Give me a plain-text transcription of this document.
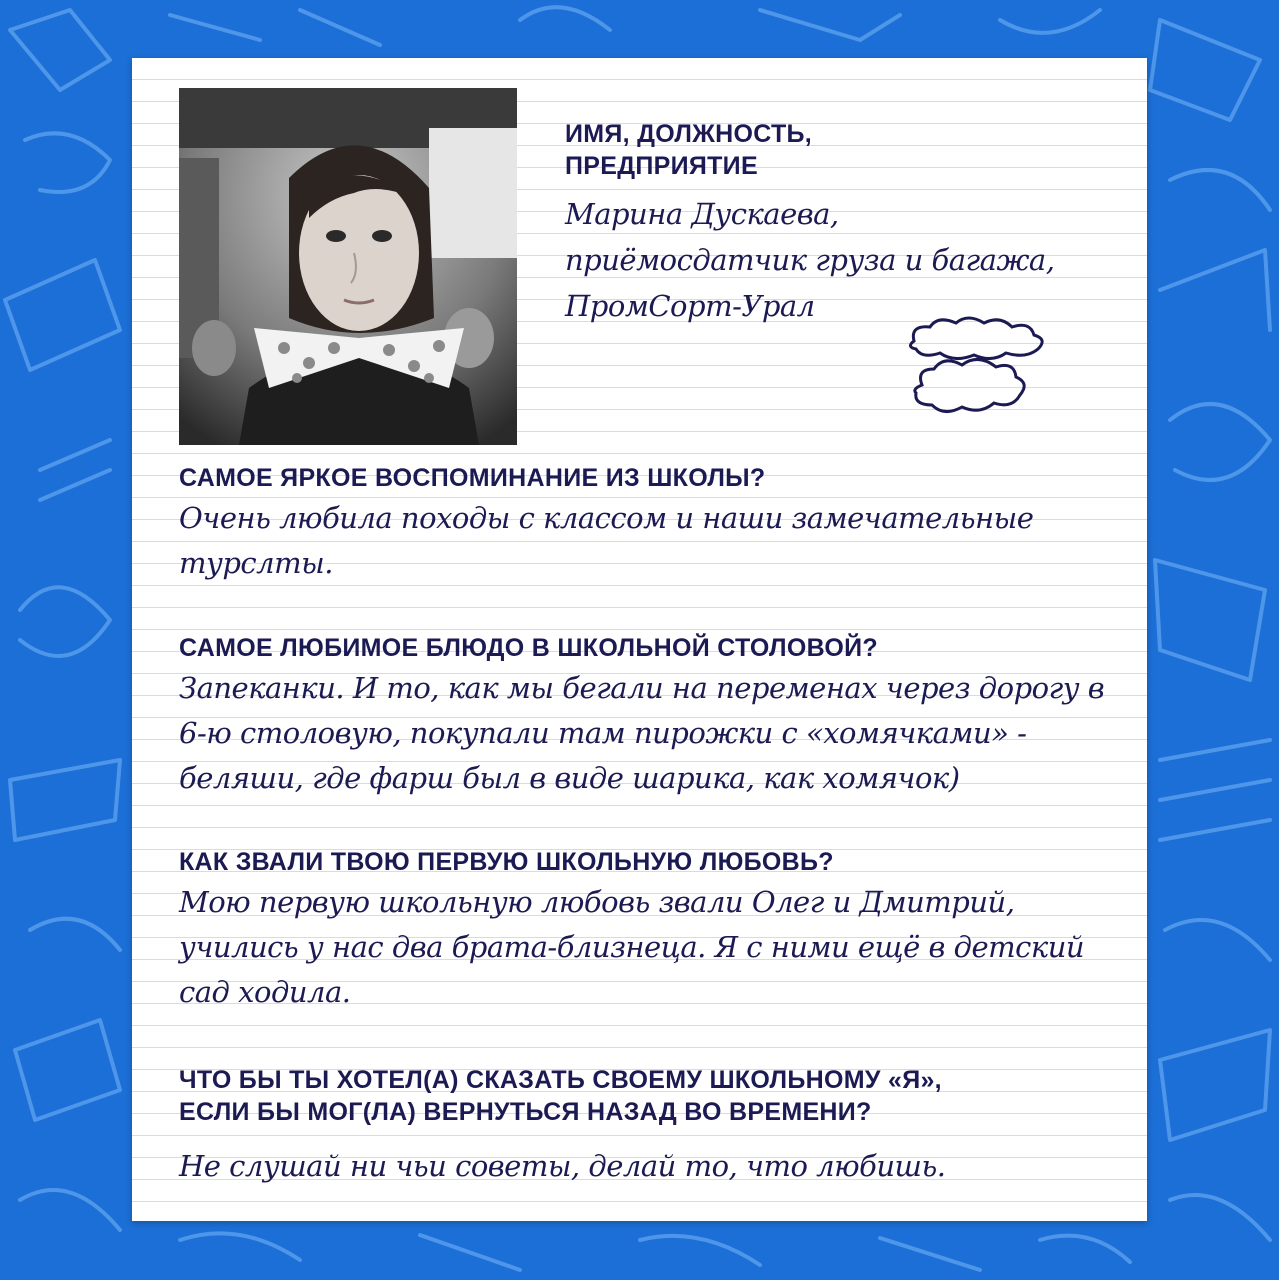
ИМЯ, ДОЛЖНОСТЬ, ПРЕДПРИЯТИЕ

Марина Дускаева,

приёмосдатчик груза и багажа,

ПромСорт-Урал

САМОЕ ЯРКОЕ ВОСПОМИНАНИЕ ИЗ ШКОЛЫ?

Очень любила походы с классом и наши замечательные турслты.

САМОЕ ЛЮБИМОЕ БЛЮДО В ШКОЛЬНОЙ СТОЛОВОЙ?

Запеканки. И то, как мы бегали на переменах через дорогу в 6-ю столовую, покупали там пирожки с «хомячками» - беляши, где фарш был в виде шарика, как хомячок)

КАК ЗВАЛИ ТВОЮ ПЕРВУЮ ШКОЛЬНУЮ ЛЮБОВЬ?

Мою первую школьную любовь звали Олег и Дмитрий, учились у нас два брата-близнеца. Я с ними ещё в детский сад ходила.

ЧТО БЫ ТЫ ХОТЕЛ(А) СКАЗАТЬ СВОЕМУ ШКОЛЬНОМУ «Я», ЕСЛИ БЫ МОГ(ЛА) ВЕРНУТЬСЯ НАЗАД ВО ВРЕМЕНИ?

Не слушай ни чьи советы, делай то, что любишь.
